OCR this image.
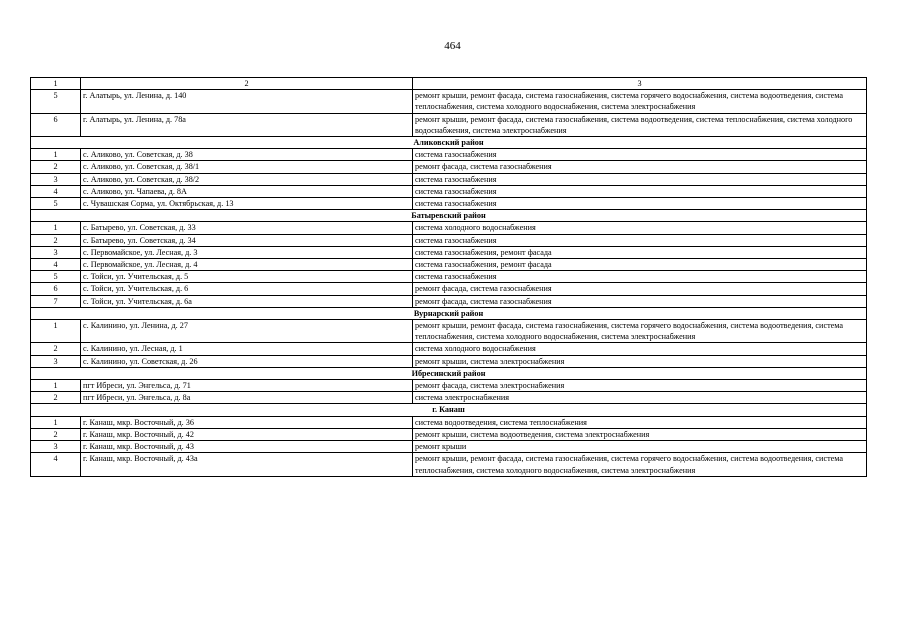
464
1	2	3
5	г. Алатырь, ул. Ленина, д. 140	ремонт крыши, ремонт фасада, система газоснабжения, система горячего водоснабжения, система водоотведения, система теплоснабжения, система холодного водоснабжения, система электроснабжения
6	г. Алатырь, ул. Ленина, д. 78а	ремонт крыши, ремонт фасада, система газоснабжения, система водоотведения, система теплоснабжения, система холодного водоснабжения, система электроснабжения
Аликовский район		
1	с. Аликово, ул. Советская, д. 38	система газоснабжения
2	с. Аликово, ул. Советская, д. 38/1	ремонт фасада, система газоснабжения
3	с. Аликово, ул. Советская, д. 38/2	система газоснабжения
4	с. Аликово, ул. Чапаева, д. 8А	система газоснабжения
5	с. Чувашская Сорма, ул. Октябрьская, д. 13	система газоснабжения
Батыревский район		
1	с. Батырево, ул. Советская, д. 33	система холодного водоснабжения
2	с. Батырево, ул. Советская, д. 34	система газоснабжения
3	с. Первомайское, ул. Лесная, д. 3	система газоснабжения, ремонт фасада
4	с. Первомайское, ул. Лесная, д. 4	система газоснабжения, ремонт фасада
5	с. Тойси, ул. Учительская, д. 5	система газоснабжения
6	с. Тойси, ул. Учительская, д. 6	ремонт фасада, система газоснабжения
7	с. Тойси, ул. Учительская, д. 6а	ремонт фасада, система газоснабжения
Вурнарский район		
1	с. Калинино, ул. Ленина, д. 27	ремонт крыши, ремонт фасада, система газоснабжения, система горячего водоснабжения, система водоотведения, система теплоснабжения, система холодного водоснабжения, система электроснабжения
2	с. Калинино, ул. Лесная, д. 1	система холодного водоснабжения
3	с. Калинино, ул. Советская, д. 26	ремонт крыши, система электроснабжения
Ибресинский район		
1	пгт Ибреси, ул. Энгельса, д. 71	ремонт фасада, система электроснабжения
2	пгт Ибреси, ул. Энгельса, д. 8а	система электроснабжения
г. Канаш		
1	г. Канаш, мкр. Восточный, д. 36	система водоотведения, система теплоснабжения
2	г. Канаш, мкр. Восточный, д. 42	ремонт крыши, система водоотведения, система электроснабжения
3	г. Канаш, мкр. Восточный, д. 43	ремонт крыши
4	г. Канаш, мкр. Восточный, д. 43а	ремонт крыши, ремонт фасада, система газоснабжения, система горячего водоснабжения, система водоотведения, система теплоснабжения, система холодного водоснабжения, система электроснабжения
